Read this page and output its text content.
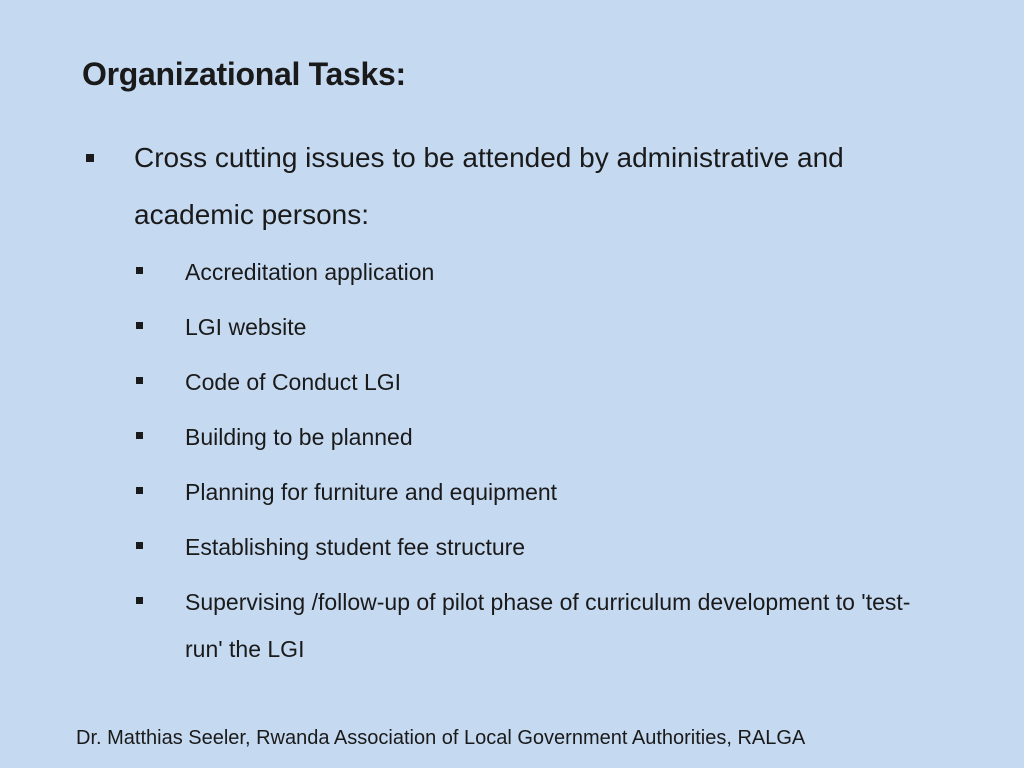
Organizational Tasks:
Cross cutting issues to be attended by administrative and academic persons:
Accreditation application
LGI website
Code of Conduct LGI
Building to be planned
Planning for furniture and equipment
Establishing student fee structure
Supervising /follow-up of pilot phase of curriculum development to 'test-run' the LGI
Dr. Matthias Seeler, Rwanda Association of Local Government Authorities, RALGA
